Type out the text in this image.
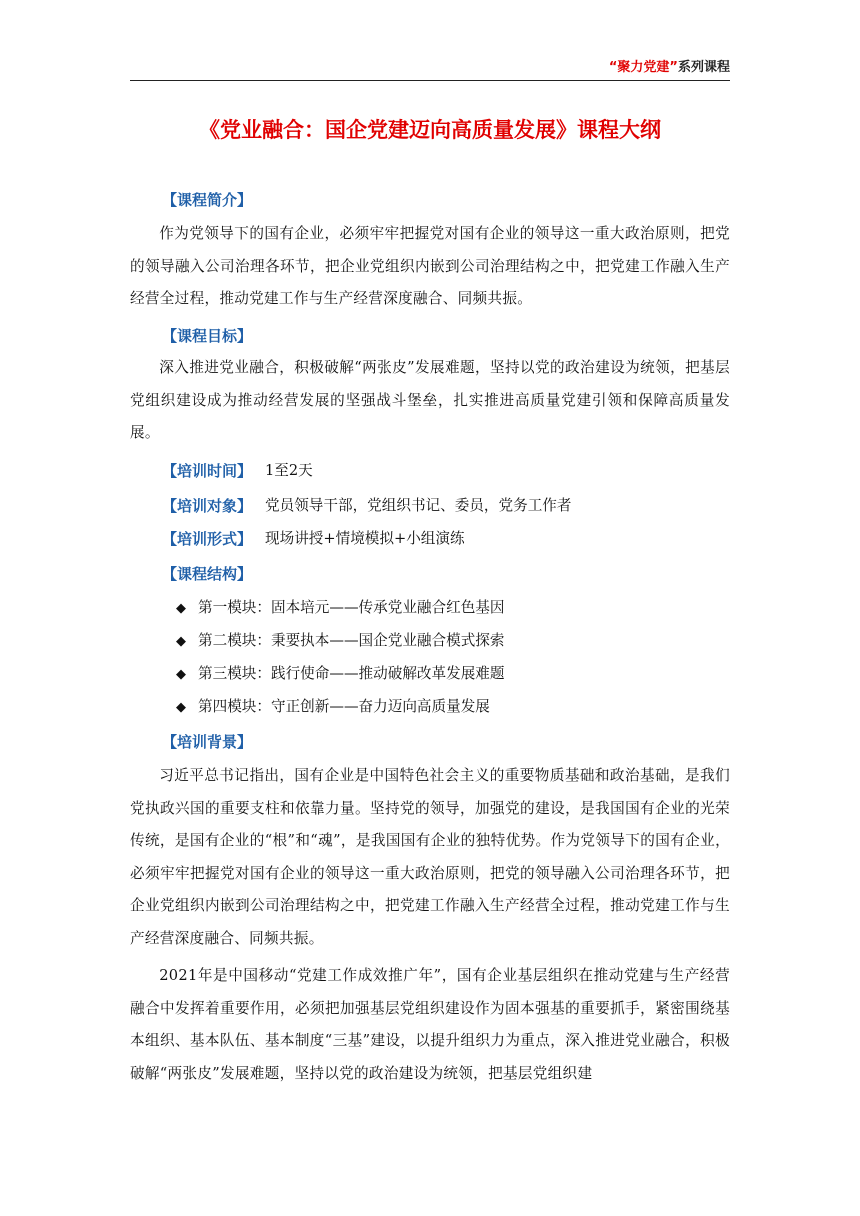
“聚力党建”系列课程
《党业融合：国企党建迈向高质量发展》课程大纲
【课程简介】
作为党领导下的国有企业，必须牢牢把握党对国有企业的领导这一重大政治原则，把党的领导融入公司治理各环节，把企业党组织内嵌到公司治理结构之中，把党建工作融入生产经营全过程，推动党建工作与生产经营深度融合、同频共振。
【课程目标】
深入推进党业融合，积极破解“两张皮”发展难题，坚持以党的政治建设为统领，把基层党组织建设成为推动经营发展的坚强战斗堡垒，扎实推进高质量党建引领和保障高质量发展。
【培训时间】 1至2天
【培训对象】 党员领导干部，党组织书记、委员，党务工作者
【培训形式】 现场讲授+情境模拟+小组演练
【课程结构】
◆ 第一模块：固本培元——传承党业融合红色基因
◆ 第二模块：秉要执本——国企党业融合模式探索
◆ 第三模块：践行使命——推动破解改革发展难题
◆ 第四模块：守正创新——奋力迈向高质量发展
【培训背景】
习近平总书记指出，国有企业是中国特色社会主义的重要物质基础和政治基础，是我们党执政兴国的重要支柱和依靠力量。坚持党的领导，加强党的建设，是我国国有企业的光荣传统，是国有企业的“根”和“魂”，是我国国有企业的独特优势。作为党领导下的国有企业，必须牢牢把握党对国有企业的领导这一重大政治原则，把党的领导融入公司治理各环节，把企业党组织内嵌到公司治理结构之中，把党建工作融入生产经营全过程，推动党建工作与生产经营深度融合、同频共振。
2021年是中国移动“党建工作成效推广年”，国有企业基层组织在推动党建与生产经营融合中发挥着重要作用，必须把加强基层党组织建设作为固本强基的重要抓手，紧密围绕基本组织、基本队伍、基本制度“三基”建设，以提升组织力为重点，深入推进党业融合，积极破解“两张皮”发展难题，坚持以党的政治建设为统领，把基层党组织建
